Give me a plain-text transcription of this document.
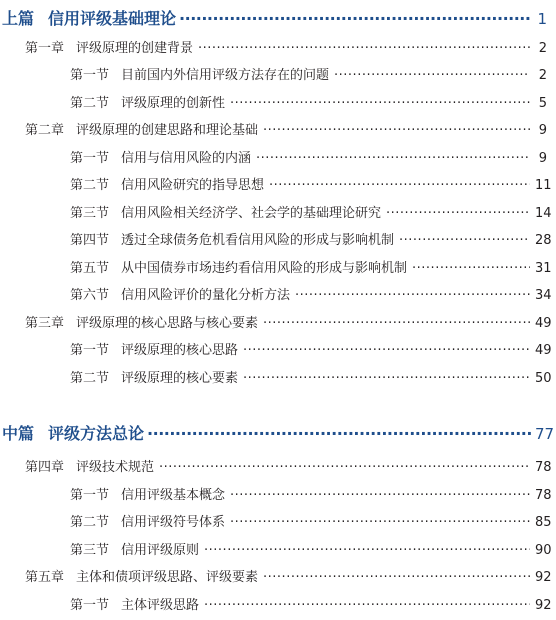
上篇 信用评级基础理论 ·····	1
第一章 评级原理的创建背景 ·····	2
第一节 目前国内外信用评级方法存在的问题 ·····	2
第二节 评级原理的创新性 ·····	5
第二章 评级原理的创建思路和理论基础 ·····	9
第一节 信用与信用风险的内涵 ·····	9
第二节 信用风险研究的指导思想 ·····	11
第三节 信用风险相关经济学、社会学的基础理论研究 ·····	14
第四节 透过全球债务危机看信用风险的形成与影响机制 ·····	28
第五节 从中国债券市场违约看信用风险的形成与影响机制 ·····	31
第六节 信用风险评价的量化分析方法 ·····	34
第三章 评级原理的核心思路与核心要素 ·····	49
第一节 评级原理的核心思路 ·····	49
第二节 评级原理的核心要素 ·····	50
中篇 评级方法总论 ·····	77
第四章 评级技术规范 ·····	78
第一节 信用评级基本概念 ·····	78
第二节 信用评级符号体系 ·····	85
第三节 信用评级原则 ·····	90
第五章 主体和债项评级思路、评级要素 ·····	92
第一节 主体评级思路 ·····	92
